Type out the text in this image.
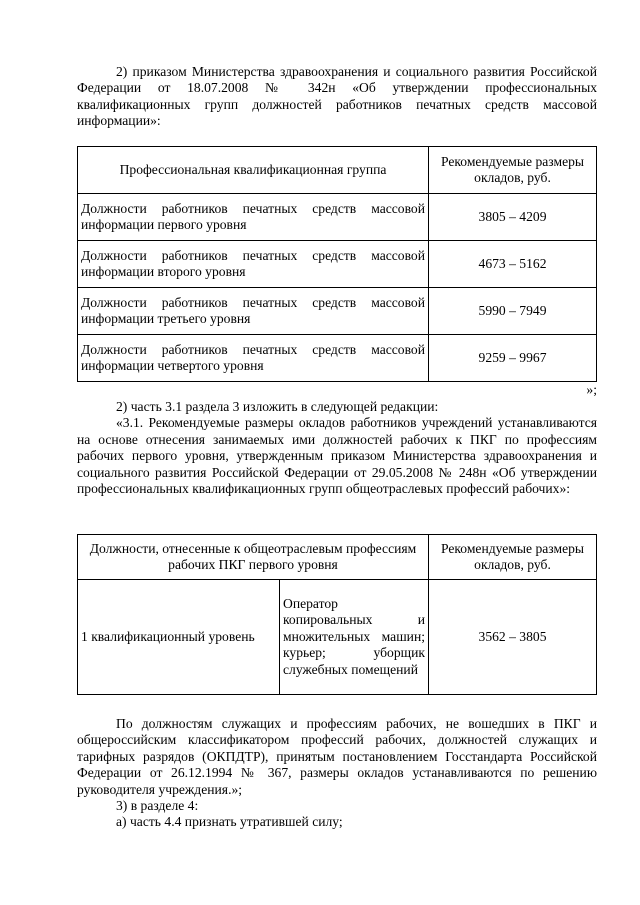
2) приказом Министерства здравоохранения и социального развития Российской Федерации от 18.07.2008 № 342н «Об утверждении профессиональных квалификационных групп должностей работников печатных средств массовой информации»:

Профессиональная квалификационная группа	Рекомендуемые размеры окладов, руб.
Должности работников печатных средств массовой информации первого уровня	3805 – 4209
Должности работников печатных средств массовой информации второго уровня	4673 – 5162
Должности работников печатных средств массовой информации третьего уровня	5990 – 7949
Должности работников печатных средств массовой информации четвертого уровня	9259 – 9967

»;

2) часть 3.1 раздела 3 изложить в следующей редакции:

«3.1. Рекомендуемые размеры окладов работников учреждений устанавливаются на основе отнесения занимаемых ими должностей рабочих к ПКГ по профессиям рабочих первого уровня, утвержденным приказом Министерства здравоохранения и социального развития Российской Федерации от 29.05.2008 № 248н «Об утверждении профессиональных квалификационных групп общеотраслевых профессий рабочих»:

Должности, отнесенные к общеотраслевым профессиям рабочих ПКГ первого уровня		Рекомендуемые размеры окладов, руб.
1 квалификационный уровень	Оператор копировальных и множительных машин; курьер; уборщик служебных помещений	3562 – 3805

По должностям служащих и профессиям рабочих, не вошедших в ПКГ и общероссийским классификатором профессий рабочих, должностей служащих и тарифных разрядов (ОКПДТР), принятым постановлением Госстандарта Российской Федерации от 26.12.1994 № 367, размеры окладов устанавливаются по решению руководителя учреждения.»;

3) в разделе 4:

а) часть 4.4 признать утратившей силу;
